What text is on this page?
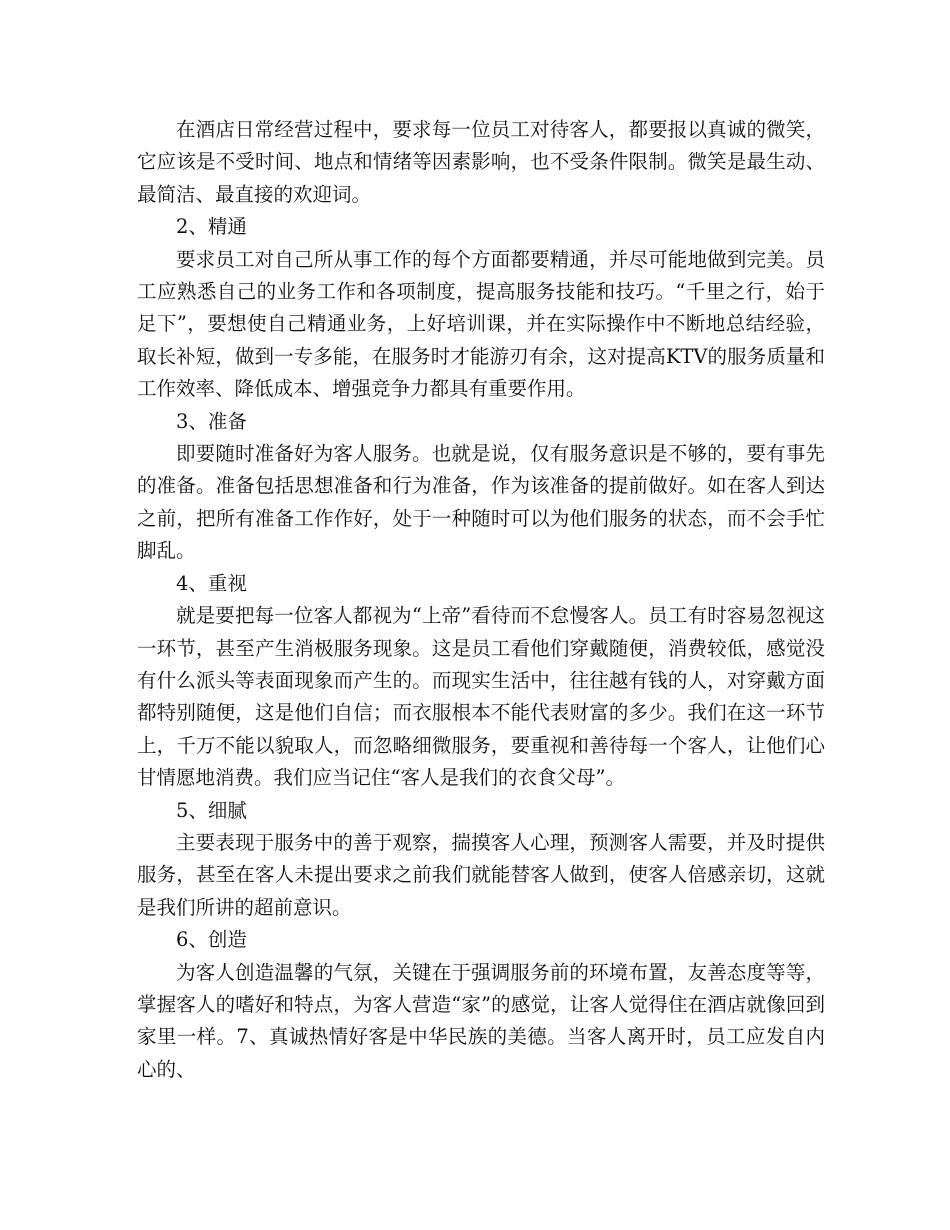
在酒店日常经营过程中，要求每一位员工对待客人，都要报以真诚的微笑，它应该是不受时间、地点和情绪等因素影响，也不受条件限制。微笑是最生动、最简洁、最直接的欢迎词。

2、精通

要求员工对自己所从事工作的每个方面都要精通，并尽可能地做到完美。员工应熟悉自己的业务工作和各项制度，提高服务技能和技巧。“千里之行，始于足下”，要想使自己精通业务，上好培训课，并在实际操作中不断地总结经验，取长补短，做到一专多能，在服务时才能游刃有余，这对提高KTV的服务质量和工作效率、降低成本、增强竞争力都具有重要作用。

3、准备

即要随时准备好为客人服务。也就是说，仅有服务意识是不够的，要有事先的准备。准备包括思想准备和行为准备，作为该准备的提前做好。如在客人到达之前，把所有准备工作作好，处于一种随时可以为他们服务的状态，而不会手忙脚乱。

4、重视

就是要把每一位客人都视为“上帝”看待而不怠慢客人。员工有时容易忽视这一环节，甚至产生消极服务现象。这是员工看他们穿戴随便，消费较低，感觉没有什么派头等表面现象而产生的。而现实生活中，往往越有钱的人，对穿戴方面都特别随便，这是他们自信；而衣服根本不能代表财富的多少。我们在这一环节上，千万不能以貌取人，而忽略细微服务，要重视和善待每一个客人，让他们心甘情愿地消费。我们应当记住“客人是我们的衣食父母”。

5、细腻

主要表现于服务中的善于观察，揣摸客人心理，预测客人需要，并及时提供服务，甚至在客人未提出要求之前我们就能替客人做到，使客人倍感亲切，这就是我们所讲的超前意识。

6、创造

为客人创造温馨的气氛，关键在于强调服务前的环境布置，友善态度等等，掌握客人的嗜好和特点，为客人营造“家”的感觉，让客人觉得住在酒店就像回到家里一样。7、真诚热情好客是中华民族的美德。当客人离开时，员工应发自内心的、
